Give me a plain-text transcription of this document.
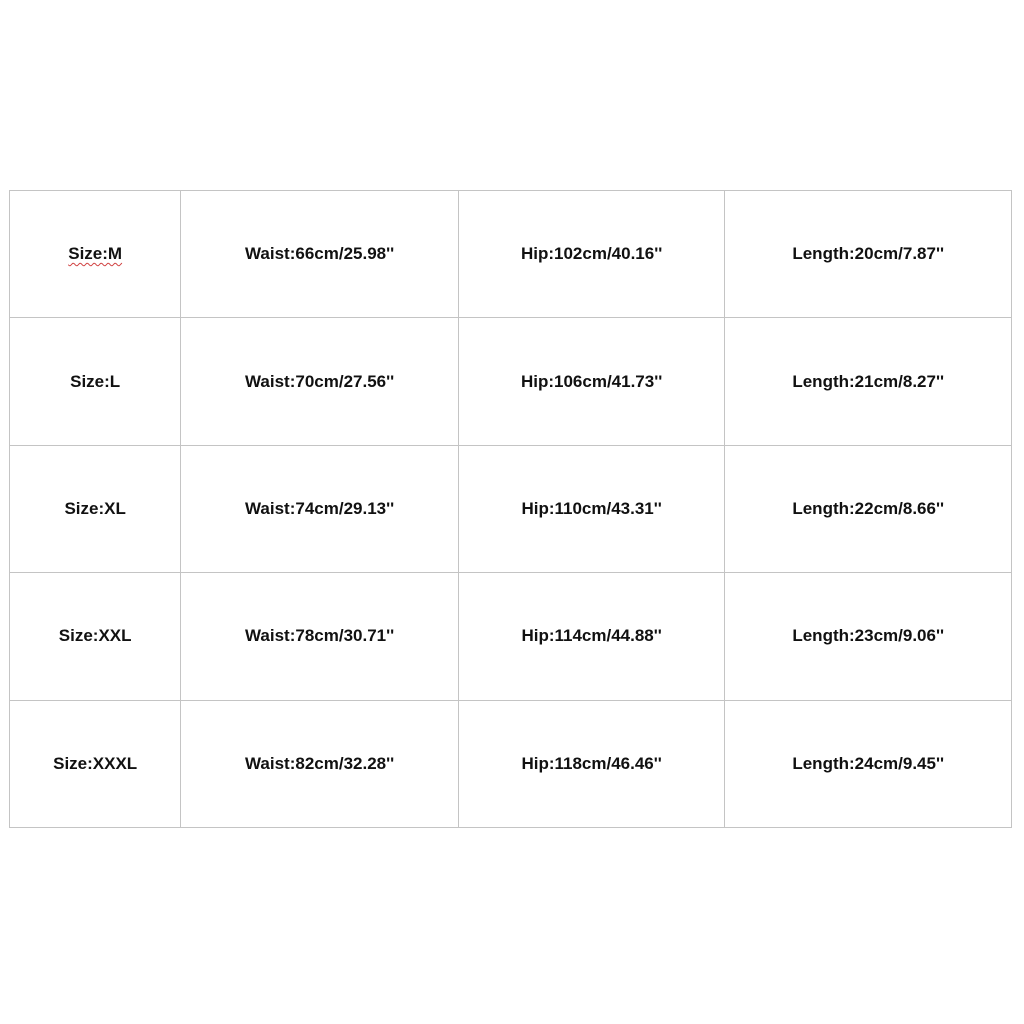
Size:M	Waist:66cm/25.98''	Hip:102cm/40.16''	Length:20cm/7.87''
Size:L	Waist:70cm/27.56''	Hip:106cm/41.73''	Length:21cm/8.27''
Size:XL	Waist:74cm/29.13''	Hip:110cm/43.31''	Length:22cm/8.66''
Size:XXL	Waist:78cm/30.71''	Hip:114cm/44.88''	Length:23cm/9.06''
Size:XXXL	Waist:82cm/32.28''	Hip:118cm/46.46''	Length:24cm/9.45''
